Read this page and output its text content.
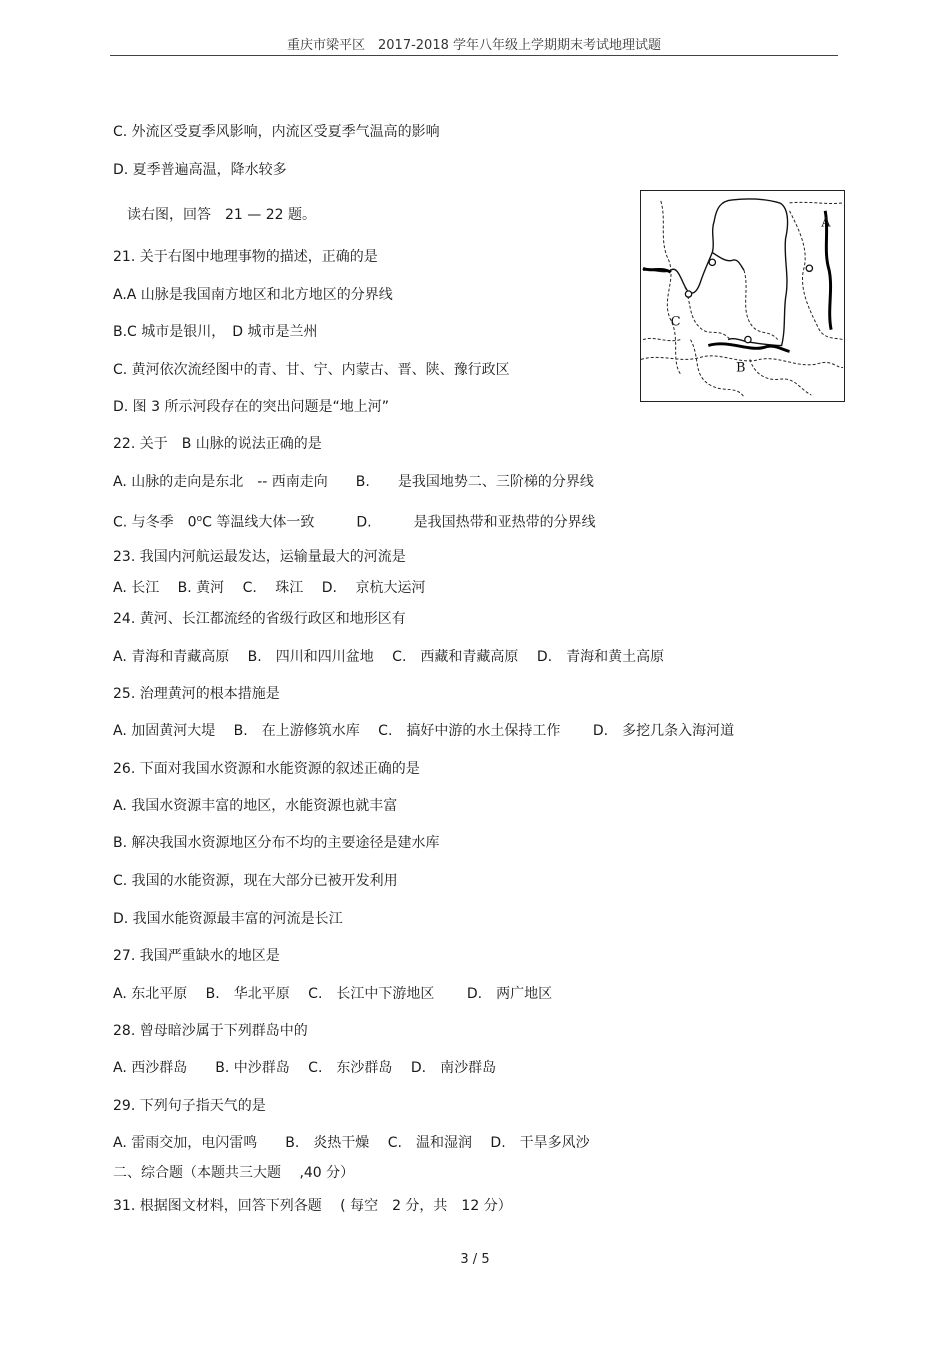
重庆市梁平区　2017-2018 学年八年级上学期期末考试地理试题
C. 外流区受夏季风影响，内流区受夏季气温高的影响
D. 夏季普遍高温，降水较多
　读右图，回答　21 — 22 题。
21. 关于右图中地理事物的描述，正确的是
A.A 山脉是我国南方地区和北方地区的分界线
B.C 城市是银川，　D 城市是兰州
C. 黄河依次流经图中的青、甘、宁、内蒙古、晋、陕、豫行政区
D. 图 3 所示河段存在的突出问题是“地上河”
22. 关于　B 山脉的说法正确的是
A. 山脉的走向是东北　-- 西南走向　　B.　　是我国地势二、三阶梯的分界线
C. 与冬季　0$^o$C 等温线大体一致　　　D.　　　是我国热带和亚热带的分界线
23. 我国内河航运最发达，运输量最大的河流是
A. 长江　 B. 黄河　 C.　 珠江　 D.　 京杭大运河
24. 黄河、长江都流经的省级行政区和地形区有
A. 青海和青藏高原　 B.　四川和四川盆地　 C.　西藏和青藏高原　 D.　青海和黄土高原
25. 治理黄河的根本措施是
A. 加固黄河大堤　 B.　在上游修筑水库　 C.　搞好中游的水土保持工作　　 D.　多挖几条入海河道
26. 下面对我国水资源和水能资源的叙述正确的是
A. 我国水资源丰富的地区，水能资源也就丰富
B. 解决我国水资源地区分布不均的主要途径是建水库
C. 我国的水能资源，现在大部分已被开发利用
D. 我国水能资源最丰富的河流是长江
27. 我国严重缺水的地区是
A. 东北平原　 B.　华北平原　 C.　长江中下游地区　　 D.　两广地区
28. 曾母暗沙属于下列群岛中的
A. 西沙群岛　　B. 中沙群岛　 C.　东沙群岛　 D.　南沙群岛
29. 下列句子指天气的是
A. 雷雨交加，电闪雷鸣　　B.　炎热干燥　 C.　温和湿润　 D.　干旱多风沙
二、综合题（本题共三大题　 ,40 分）
31. 根据图文材料，回答下列各题　 ( 每空　2 分，共　12 分）
A
B
C
3 / 5
